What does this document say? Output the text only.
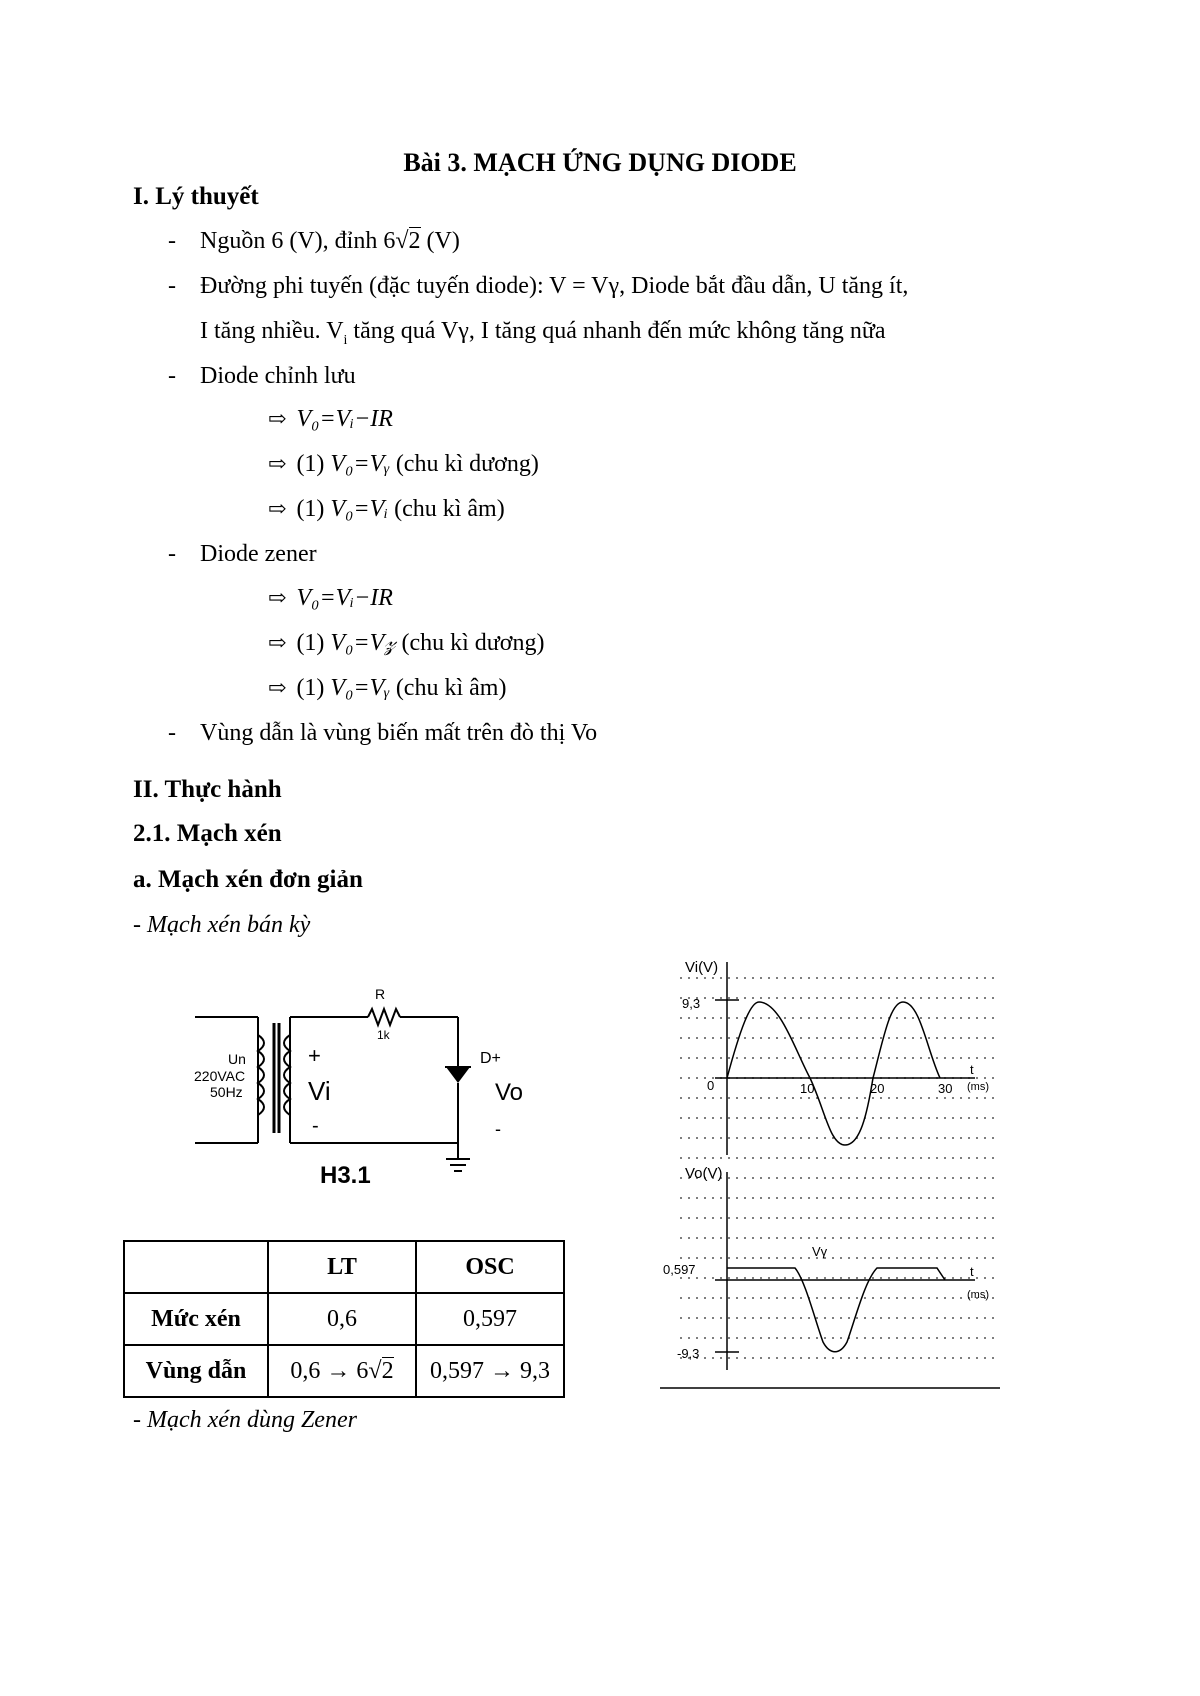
Bài 3. MẠCH ỨNG DỤNG DIODE
I. Lý thuyết
- Nguồn 6 (V), đỉnh 6√2 (V)
- Đường phi tuyến (đặc tuyến diode): V = Vγ, Diode bắt đầu dẫn, U tăng ít,
I tăng nhiều. $V_i$ tăng quá Vγ, I tăng quá nhanh đến mức không tăng nữa
- Diode chỉnh lưu
⇨ V₀=Vᵢ−IR
⇨ (1) V₀=Vᵧ (chu kì dương)
⇨ (1) V₀=Vᵢ (chu kì âm)
- Diode zener
⇨ V₀=Vᵢ−IR
⇨ (1) V₀=V𝓏 (chu kì dương)
⇨ (1) V₀=Vᵧ (chu kì âm)
- Vùng dẫn là vùng biến mất trên đò thị Vo
II. Thực hành
2.1. Mạch xén
a. Mạch xén đơn giản
- Mạch xén bán kỳ
Un
220VAC
50Hz
R
1k
+
Vi
-
D+
Vo
-
H3.1
	LT	OSC
Mức xén	0,6	0,597
Vùng dẫn	0,6 → 6√2	0,597 → 9,3
- Mạch xén dùng Zener
Vi(V)
9,3
0	10	20	30 (ms)
t
Vo(V)
Vγ
0,597
-9,3
(ms)
t
